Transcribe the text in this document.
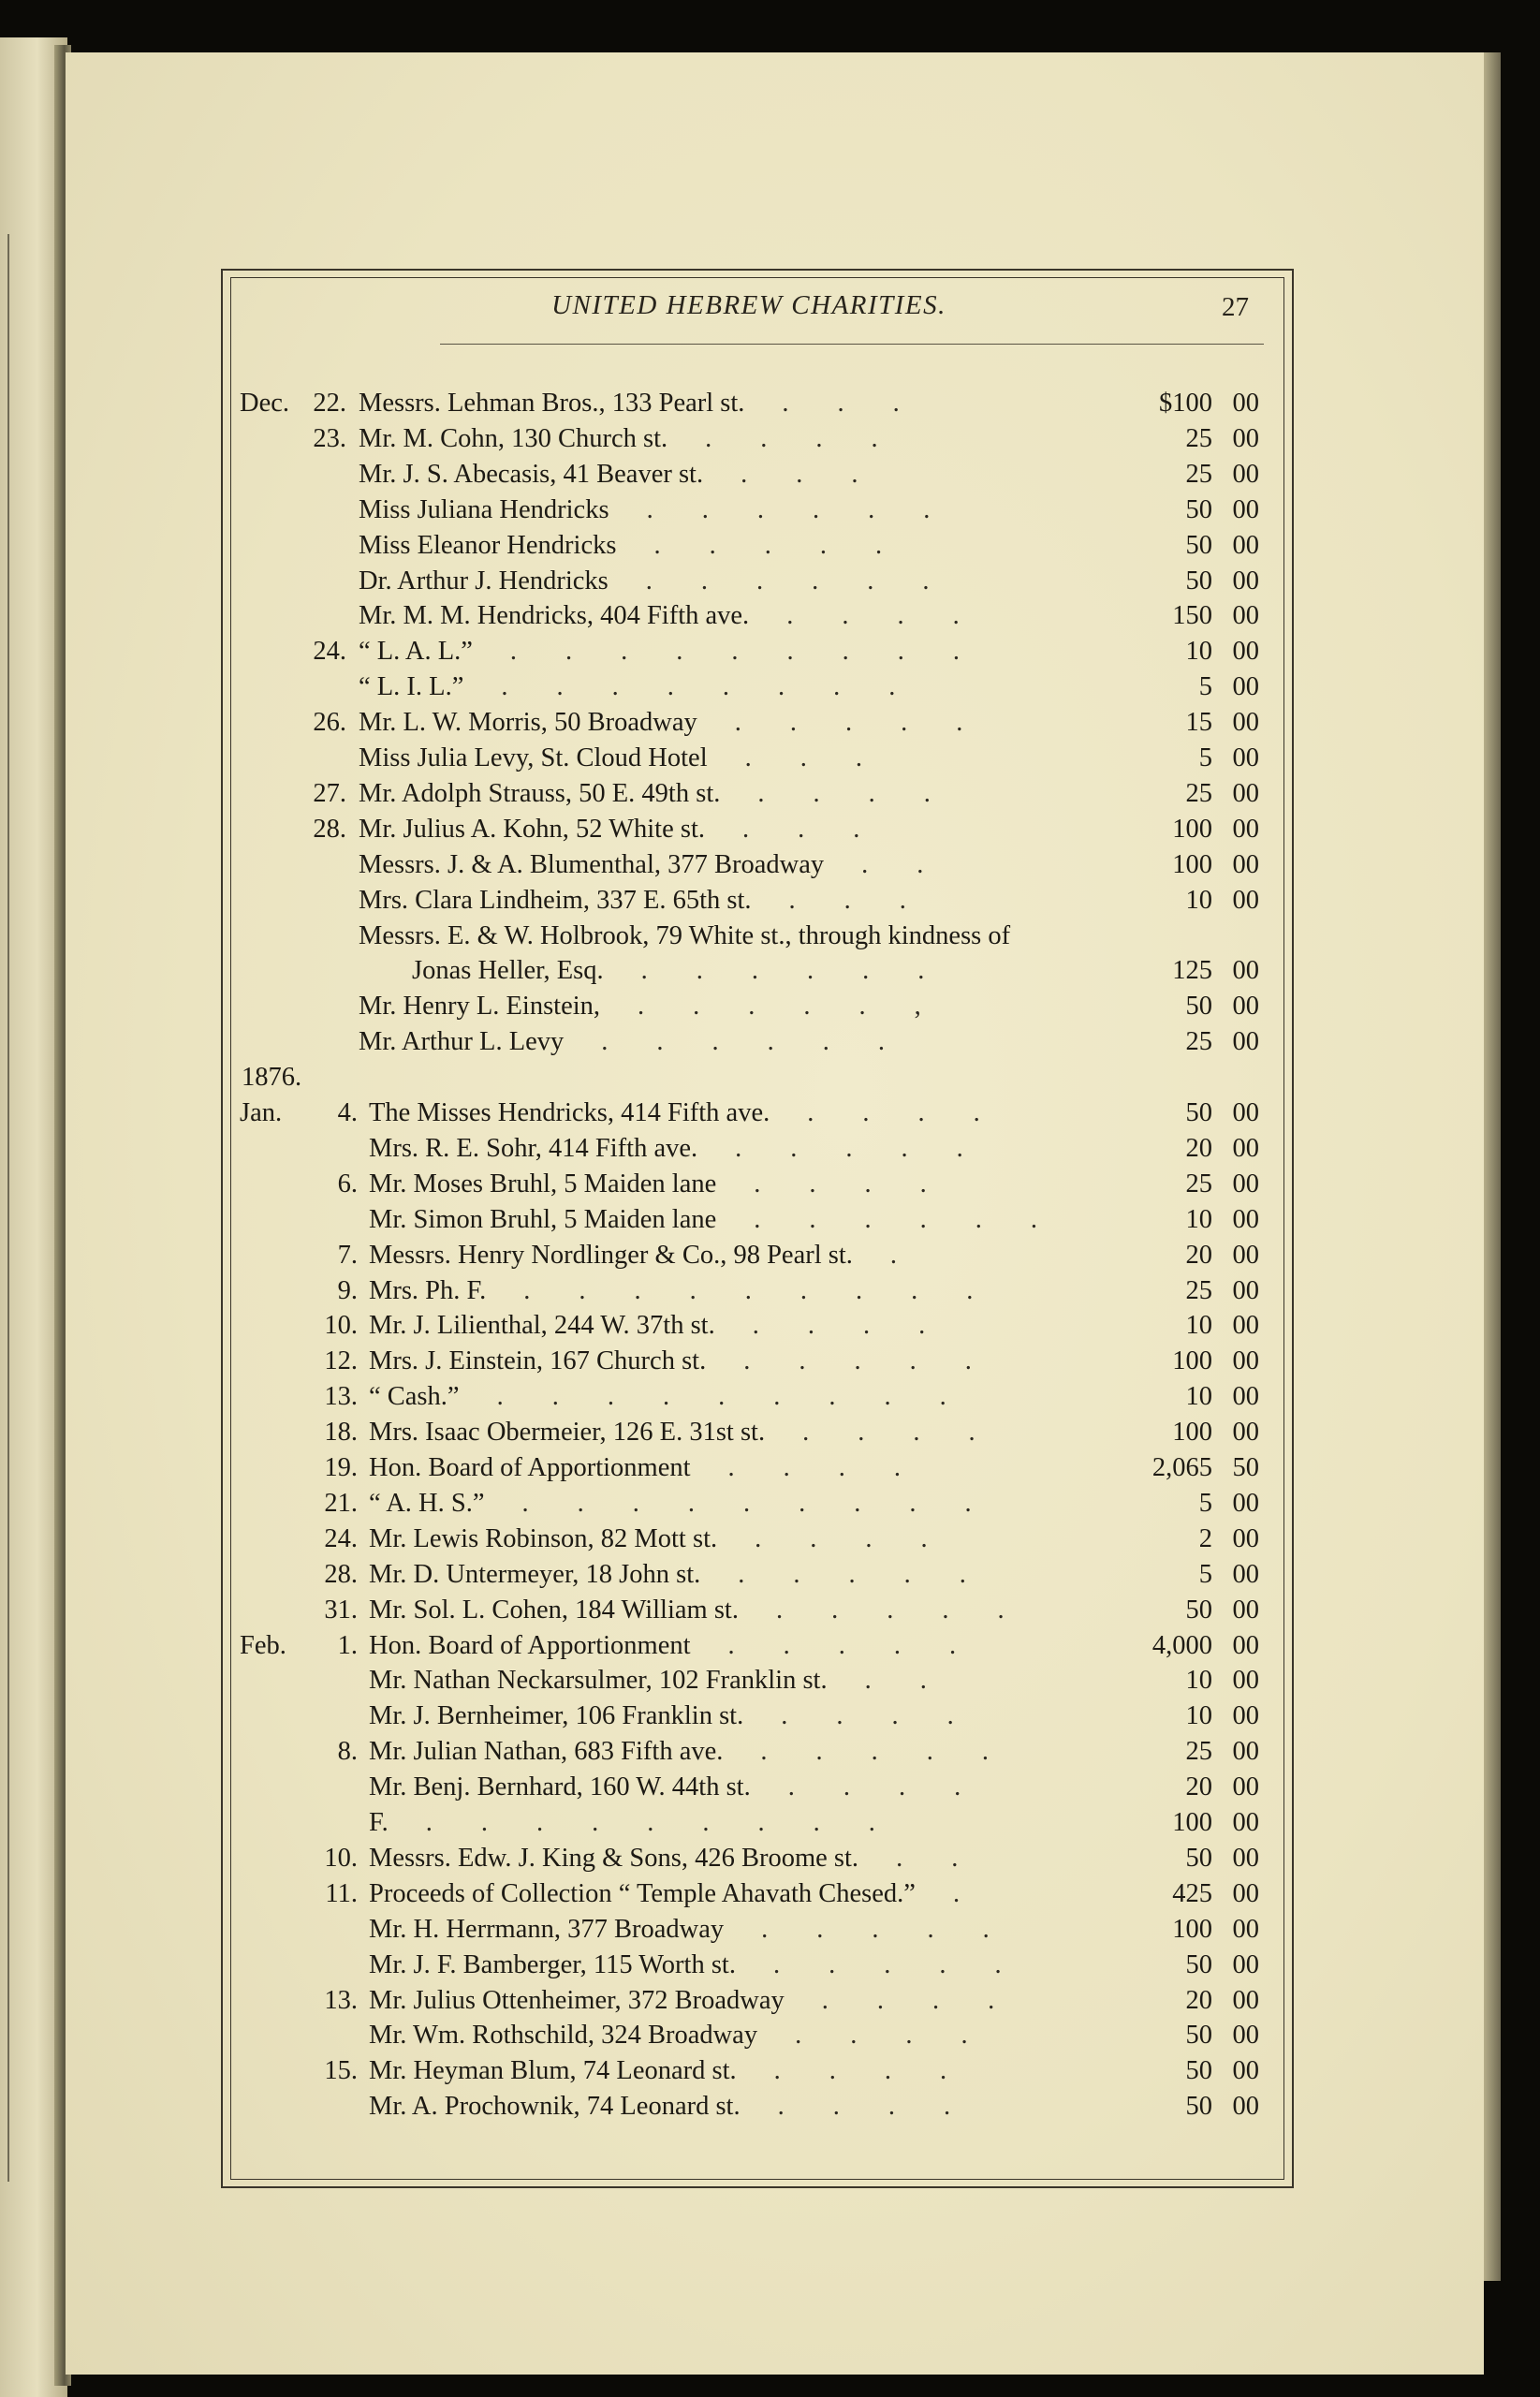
UNITED HEBREW CHARITIES.	27
Dec. 22. Messrs. Lehman Bros., 133 Pearl st. ...	$100 00
23. Mr. M. Cohn, 130 Church st. ....	25 00
Mr. J. S. Abecasis, 41 Beaver st. ...	25 00
Miss Juliana Hendricks ......	50 00
Miss Eleanor Hendricks .....	50 00
Dr. Arthur J. Hendricks ......	50 00
Mr. M. M. Hendricks, 404 Fifth ave. ....	150 00
24. “ L. A. L.” .........	10 00
“ L. I. L.” ........	5 00
26. Mr. L. W. Morris, 50 Broadway .....	15 00
Miss Julia Levy, St. Cloud Hotel ...	5 00
27. Mr. Adolph Strauss, 50 E. 49th st. ....	25 00
28. Mr. Julius A. Kohn, 52 White st. ...	100 00
Messrs. J. & A. Blumenthal, 377 Broadway ..	100 00
Mrs. Clara Lindheim, 337 E. 65th st. ...	10 00
Messrs. E. & W. Holbrook, 79 White st., through kindness of
Jonas Heller, Esq. ......	125 00
Mr. Henry L. Einstein, .....,	50 00
Mr. Arthur L. Levy ......	25 00
1876.
Jan.	4. The Misses Hendricks, 414 Fifth ave. ....	50 00
Mrs. R. E. Sohr, 414 Fifth ave. .....	20 00
6. Mr. Moses Bruhl, 5 Maiden lane ....	25 00
Mr. Simon Bruhl, 5 Maiden lane ......	10 00
7. Messrs. Henry Nordlinger & Co., 98 Pearl st. .	20 00
9. Mrs. Ph. F. .........	25 00
10. Mr. J. Lilienthal, 244 W. 37th st. ....	10 00
12. Mrs. J. Einstein, 167 Church st. .....	100 00
13. “ Cash.” .........	10 00
18. Mrs. Isaac Obermeier, 126 E. 31st st. ....	100 00
19. Hon. Board of Apportionment ....	2,065 50
21. “ A. H. S.” .........	5 00
24. Mr. Lewis Robinson, 82 Mott st. ....	2 00
28. Mr. D. Untermeyer, 18 John st. .....	5 00
31. Mr. Sol. L. Cohen, 184 William st. .....	50 00
Feb.	1. Hon. Board of Apportionment .....	4,000 00
Mr. Nathan Neckarsulmer, 102 Franklin st. ..	10 00
Mr. J. Bernheimer, 106 Franklin st. ....	10 00
8. Mr. Julian Nathan, 683 Fifth ave. .....	25 00
Mr. Benj. Bernhard, 160 W. 44th st. ....	20 00
F. .........	100 00
10. Messrs. Edw. J. King & Sons, 426 Broome st. ..	50 00
11. Proceeds of Collection “ Temple Ahavath Chesed.” .	425 00
Mr. H. Herrmann, 377 Broadway .....	100 00
Mr. J. F. Bamberger, 115 Worth st. .....	50 00
13. Mr. Julius Ottenheimer, 372 Broadway ....	20 00
Mr. Wm. Rothschild, 324 Broadway ....	50 00
15. Mr. Heyman Blum, 74 Leonard st. ....	50 00
Mr. A. Prochownik, 74 Leonard st. ....	50 00
